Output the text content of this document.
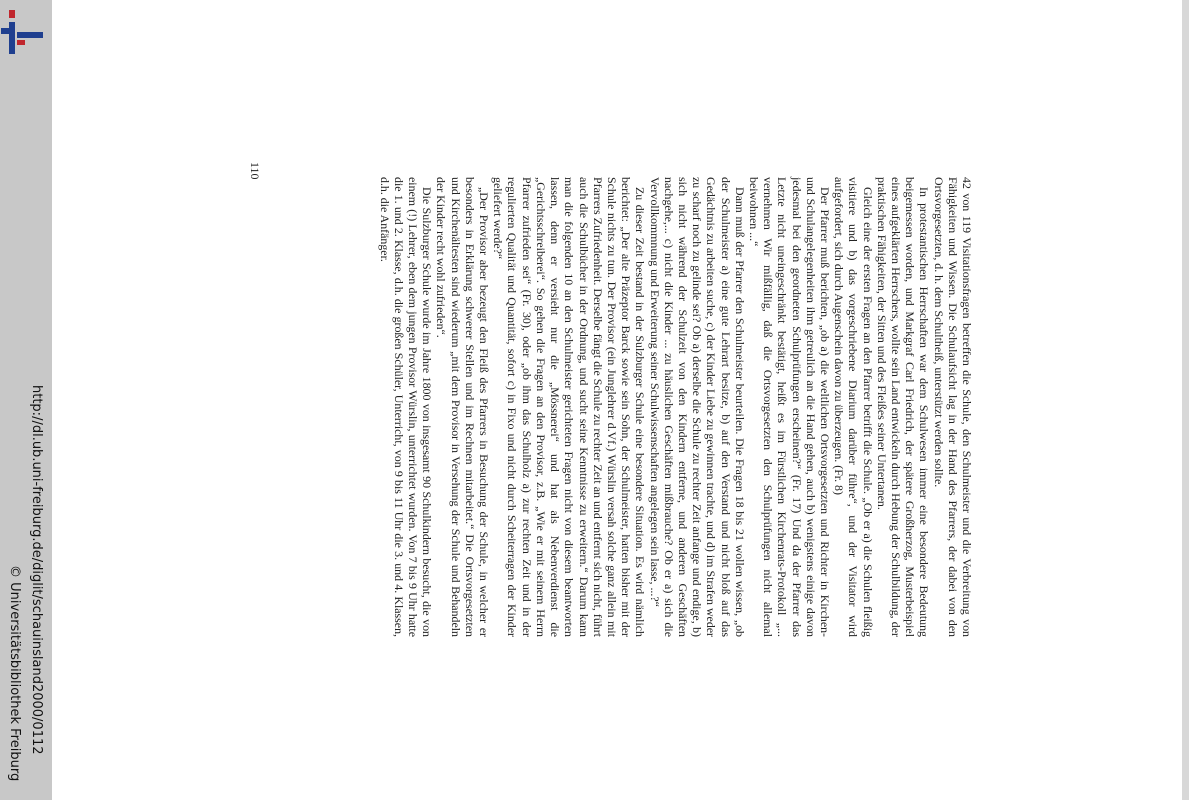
http://dl.ub.uni-freiburg.de/diglit/schauinsland2000/0112
© Universitätsbibliothek Freiburg

42 von 119 Visitationsfragen betreffen die Schule, den Schulmeister und die Verbreitung von Fähigkeiten und Wissen. Die Schulaufsicht lag in der Hand des Pfarrers, der dabei von den Ortsvorgesetzten, d. h. dem Schultheiß, unterstützt werden sollte.

In protestantischen Herrschaften war dem Schulwesen immer eine besondere Bedeutung beigemessen worden, und Markgraf Carl Friedrich, der spätere Großherzog, Musterbeispiel eines aufgeklärten Herrschers, wollte sein Land entwickeln durch Hebung der Schulbildung, der praktischen Fähigkeiten, der Sitten und des Fleißes seiner Untertanen.

Gleich eine der ersten Fragen an den Pfarrer betrifft die Schule. „Ob er a) die Schulen fleißig visitiere und b) das vorgeschriebene Diarium darüber führe“, und der Visitator wird aufgefordert, sich durch Augenschein davon zu überzeugen. (Fr. 8)

Der Pfarrer muß berichten, „ob a) die weltlichen Ortsvorgesetzten und Richter in Kirchen- und Schulangelegenheiten ihm getreulich an die Hand gehen, auch b) wenigstens einige davon jedesmal bei den geordneten Schulprüfungen erscheinen?“ (Fr. 17) Und da der Pfarrer das Letzte nicht uneingeschränkt bestätigt, heißt es im Fürstlichen Kirchenrats-Protokoll „... vernehmen Wir mißfällig, daß die Ortsvorgesetzten den Schulprüfungen nicht allemal beiwohnen ...“

Dann muß der Pfarrer den Schulmeister beurteilen. Die Fragen 18 bis 21 wollen wissen, „ob der Schulmeister a) eine gute Lehrart besitze, b) auf den Verstand und nicht bloß auf das Gedächtnis zu arbeiten suche, c) der Kinder Liebe zu gewinnen trachte, und d) im Strafen weder zu scharf noch zu gelinde sei? Ob a) derselbe die Schule zu rechter Zeit anfange und endige, b) sich nicht während der Schulzeit von den Kindern entferne, und anderen Geschäften nachgehe,... c) nicht die Kinder ... zu häuslichen Geschäften mißbrauche? Ob er a) sich die Vervollkommnung und Erweiterung seiner Schulwissenschaften angelegen sein lasse, ...?“

Zu dieser Zeit bestand in der Sulzburger Schule eine besondere Situation. Es wird nämlich berichtet: „Der alte Präzeptor Barck sowie sein Sohn, der Schulmeister, hatten bisher mit der Schule nichts zu tun. Der Provisor (ein Junglehrer d.Vf.) Würslin versah solche ganz allein mit Pfarrers Zufriedenheit. Derselbe fängt die Schule zu rechter Zeit an und entfernt sich nicht, führt auch die Schulbücher in der Ordnung, und sucht seine Kenntnisse zu erweitern.“ Darum kann man die folgenden 10 an den Schulmeister gerichteten Fragen nicht von diesem beantworten lassen, denn er versieht nur die „Mössnerei“ und hat als Nebenverdienst die „Gerichtsschreiberei“. So gehen die Fragen an den Provisor, z.B. „Wie er mit seinem Herrn Pfarrer zufrieden sei“ (Fr. 30), oder „ob ihm das Schulholz a) zur rechten Zeit und in der regulierten Qualität und Quantität, sofort c) in Fixo und nicht durch Scheiterragen der Kinder geliefert werde?“

„Der Provisor aber bezeugt den Fleiß des Pfarrers in Besuchung der Schule, in welcher er besonders in Erklärung schwerer Stellen und im Rechnen mitarbeitet.“ Die Ortsvorgesetzten und Kirchenältesten sind wiederum „mit dem Provisor in Versehung der Schule und Behandeln der Kinder recht wohl zufrieden“.

Die Sulzburger Schule wurde im Jahre 1800 von insgesamt 90 Schulkindern besucht, die von einem (!) Lehrer, eben dem jungen Provisor Würslin, unterrichtet wurden. Von 7 bis 9 Uhr hatte die 1. und 2. Klasse, d.h. die großen Schüler, Unterricht, von 9 bis 11 Uhr die 3. und 4. Klassen, d.h. die Anfänger.

110
